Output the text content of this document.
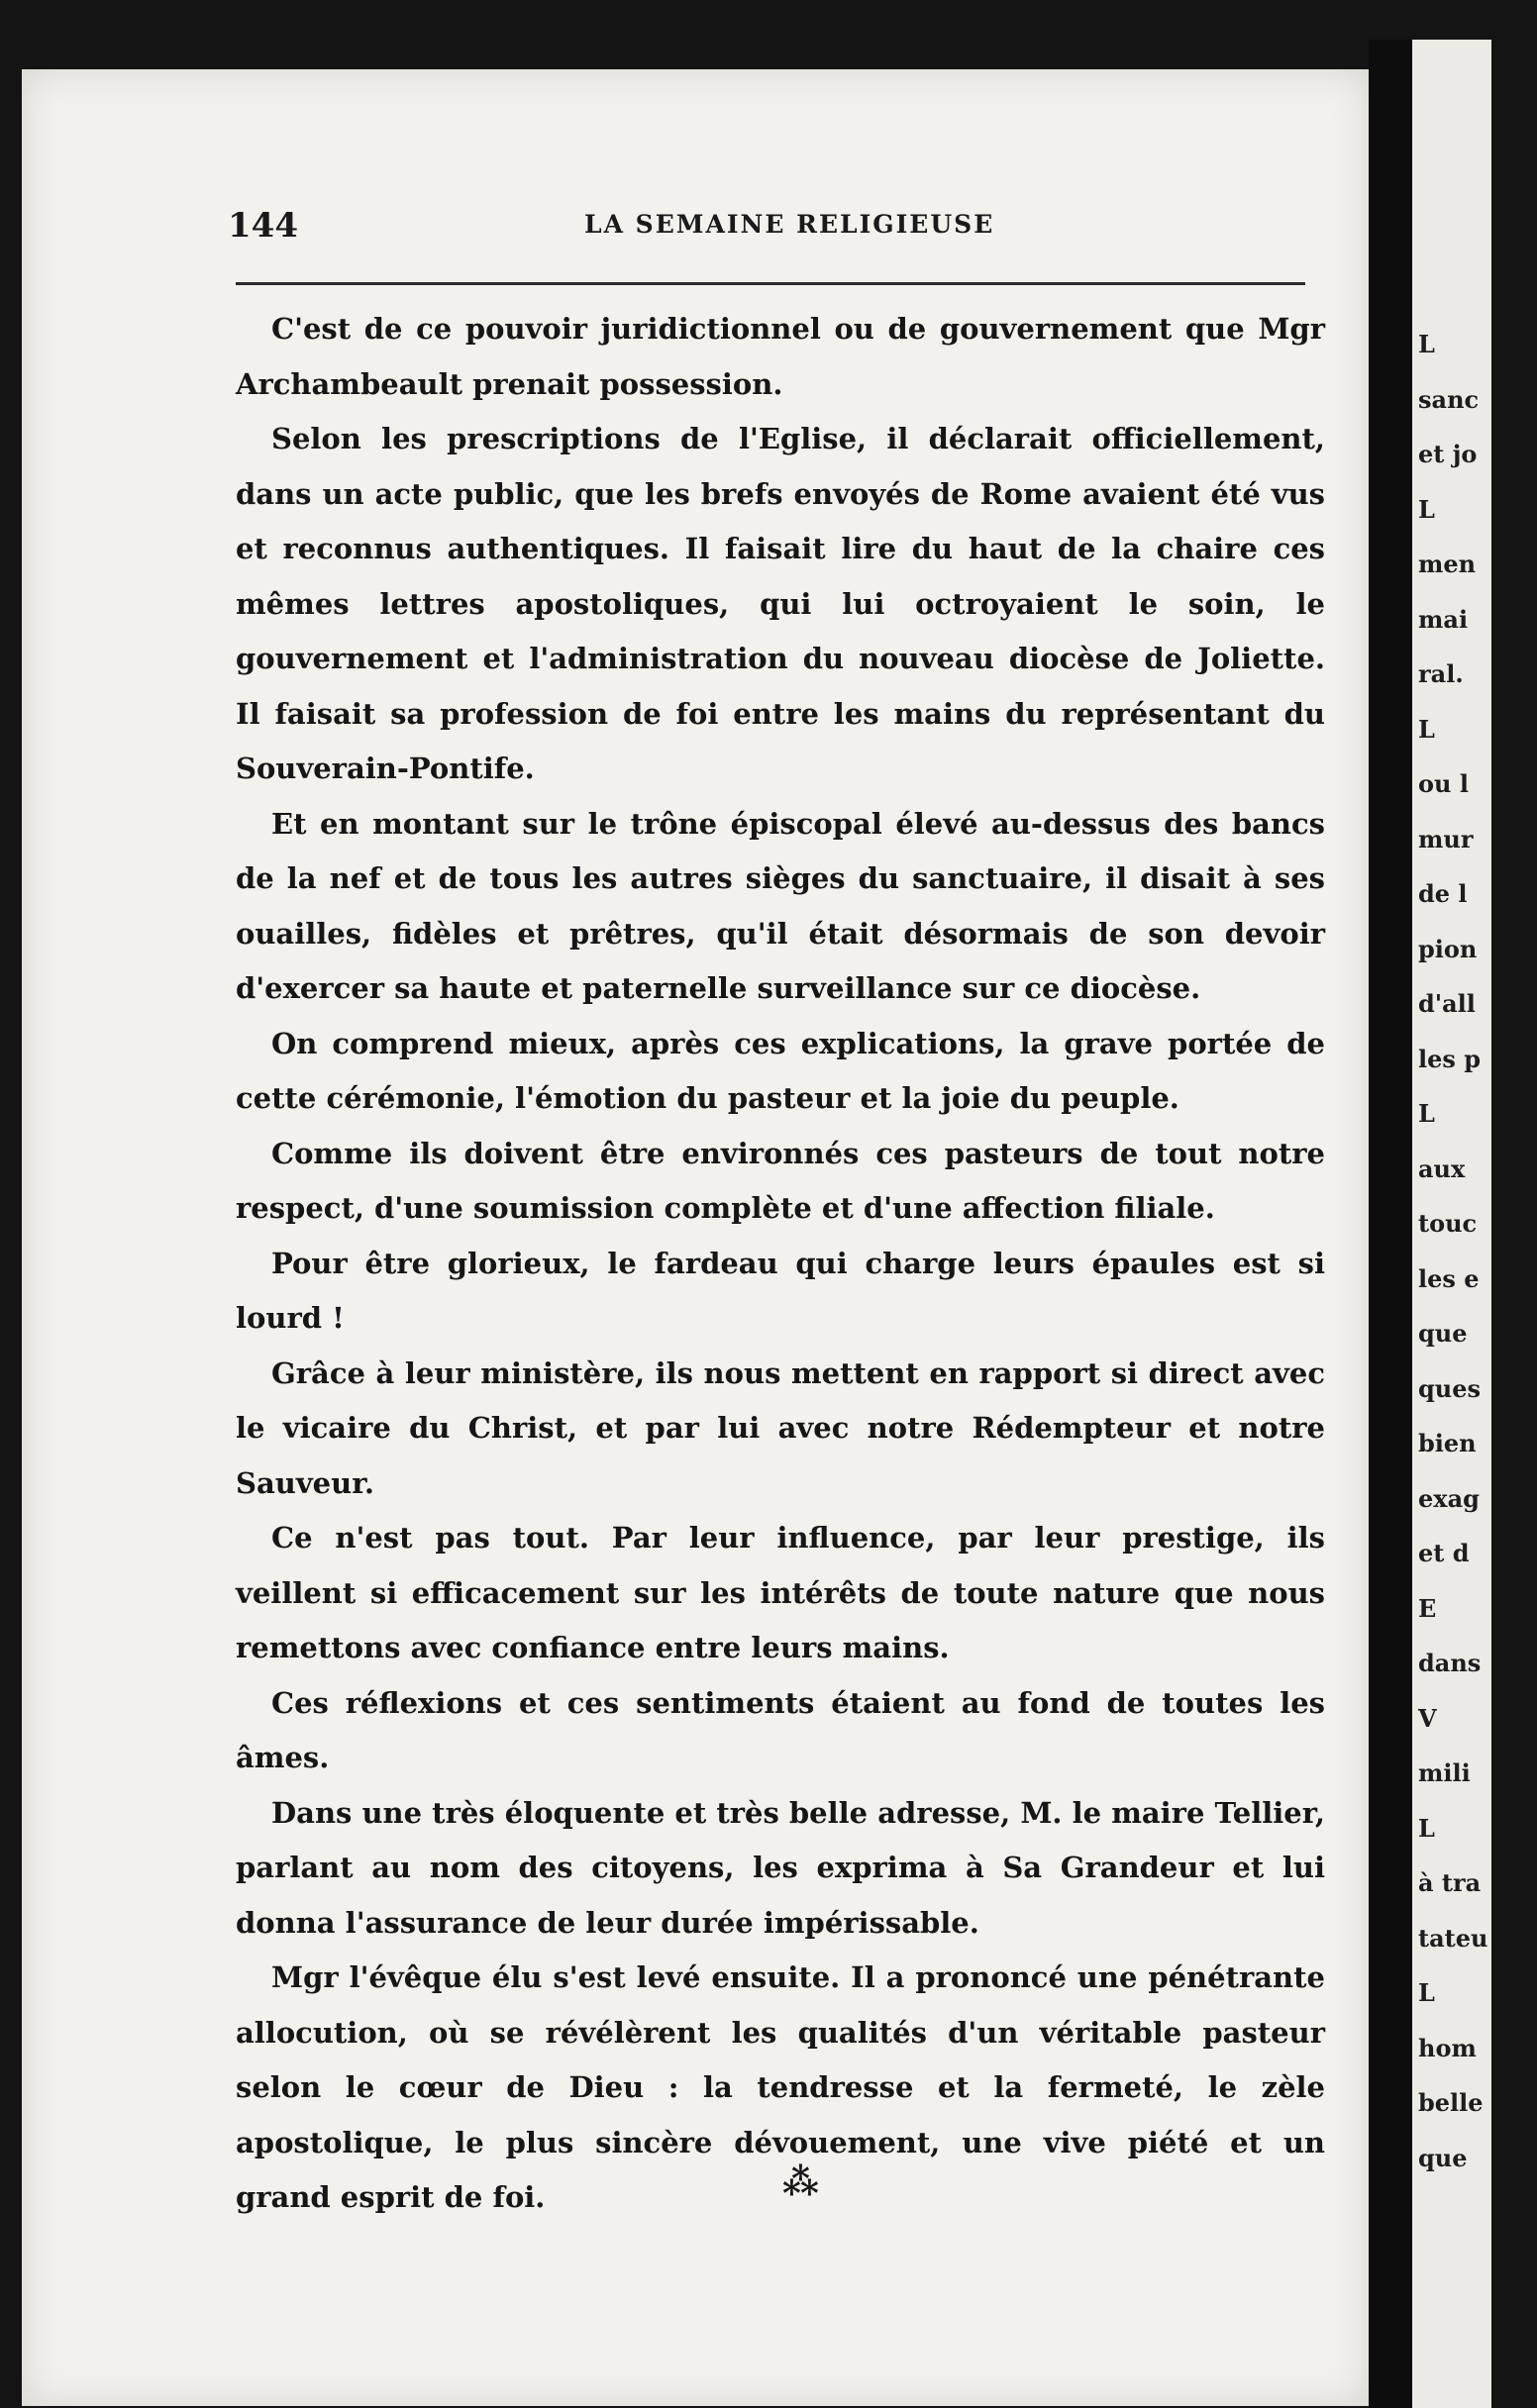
L
sanc
et jo
L
men
mai
ral.
L
ou l
mur
de l
pion
d'all
les p
L
aux
touc
les e
que
ques
bien
exag
et d
E
dans
V
mili
L
à tra
tateu
L
hom
belle
que
144	LA SEMAINE RELIGIEUSE

C'est de ce pouvoir juridictionnel ou de gouvernement que Mgr Archambeault prenait possession.

Selon les prescriptions de l'Eglise, il déclarait officiellement, dans un acte public, que les brefs envoyés de Rome avaient été vus et reconnus authentiques. Il faisait lire du haut de la chaire ces mêmes lettres apostoliques, qui lui octroyaient le soin, le gouvernement et l'administration du nouveau diocèse de Joliette. Il faisait sa profession de foi entre les mains du représentant du Souverain-Pontife.

Et en montant sur le trône épiscopal élevé au-dessus des bancs de la nef et de tous les autres sièges du sanctuaire, il disait à ses ouailles, fidèles et prêtres, qu'il était désormais de son devoir d'exercer sa haute et paternelle surveillance sur ce diocèse.

On comprend mieux, après ces explications, la grave portée de cette cérémonie, l'émotion du pasteur et la joie du peuple.

Comme ils doivent être environnés ces pasteurs de tout notre respect, d'une soumission complète et d'une affection filiale.

Pour être glorieux, le fardeau qui charge leurs épaules est si lourd !

Grâce à leur ministère, ils nous mettent en rapport si direct avec le vicaire du Christ, et par lui avec notre Rédempteur et notre Sauveur.

Ce n'est pas tout. Par leur influence, par leur prestige, ils veillent si efficacement sur les intérêts de toute nature que nous remettons avec confiance entre leurs mains.

Ces réflexions et ces sentiments étaient au fond de toutes les âmes.

Dans une très éloquente et très belle adresse, M. le maire Tellier, parlant au nom des citoyens, les exprima à Sa Grandeur et lui donna l'assurance de leur durée impérissable.

Mgr l'évêque élu s'est levé ensuite. Il a prononcé une pénétrante allocution, où se révélèrent les qualités d'un véritable pasteur selon le cœur de Dieu : la tendresse et la fermeté, le zèle apostolique, le plus sincère dévouement, une vive piété et un grand esprit de foi.	⁂
